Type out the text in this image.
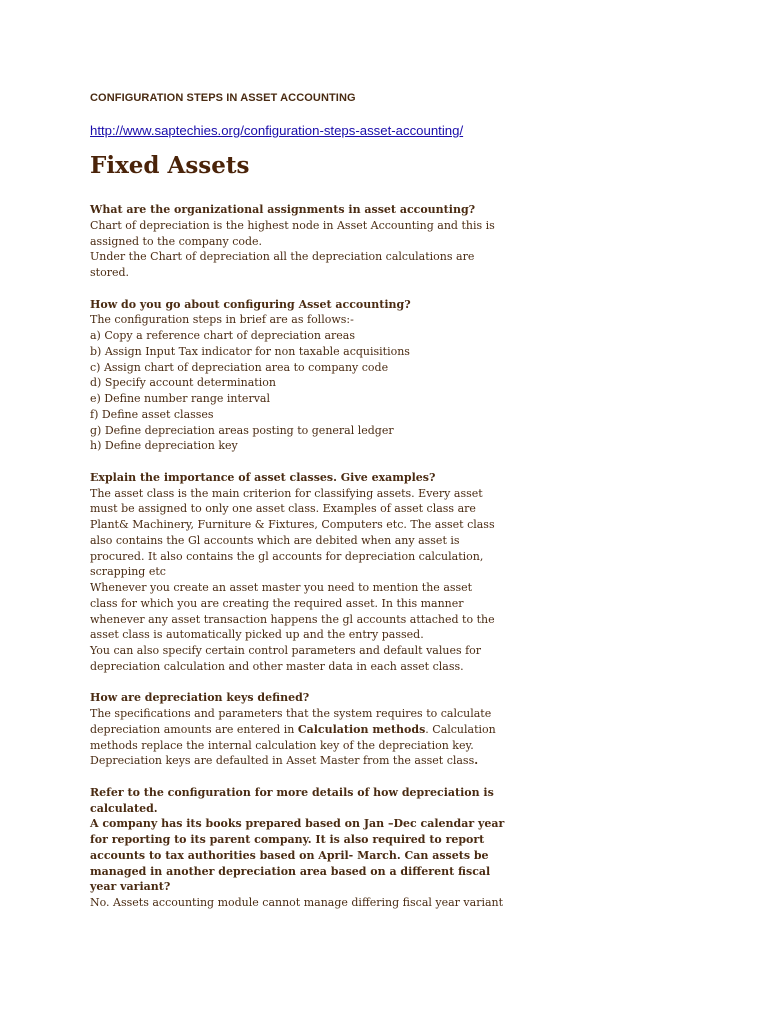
CONFIGURATION STEPS IN ASSET ACCOUNTING
http://www.saptechies.org/configuration-steps-asset-accounting/
Fixed Assets
What are the organizational assignments in asset accounting?
Chart of depreciation is the highest node in Asset Accounting and this is
assigned to the company code.
Under the Chart of depreciation all the depreciation calculations are
stored.
How do you go about configuring Asset accounting?
The configuration steps in brief are as follows:-
a) Copy a reference chart of depreciation areas
b) Assign Input Tax indicator for non taxable acquisitions
c) Assign chart of depreciation area to company code
d) Specify account determination
e) Define number range interval
f) Define asset classes
g) Define depreciation areas posting to general ledger
h) Define depreciation key
Explain the importance of asset classes. Give examples?
The asset class is the main criterion for classifying assets. Every asset
must be assigned to only one asset class. Examples of asset class are
Plant& Machinery, Furniture & Fixtures, Computers etc. The asset class
also contains the Gl accounts which are debited when any asset is
procured. It also contains the gl accounts for depreciation calculation,
scrapping etc
Whenever you create an asset master you need to mention the asset
class for which you are creating the required asset. In this manner
whenever any asset transaction happens the gl accounts attached to the
asset class is automatically picked up and the entry passed.
You can also specify certain control parameters and default values for
depreciation calculation and other master data in each asset class.
How are depreciation keys defined?
The specifications and parameters that the system requires to calculate
depreciation amounts are entered in Calculation methods. Calculation
methods replace the internal calculation key of the depreciation key.
Depreciation keys are defaulted in Asset Master from the asset class.
Refer to the configuration for more details of how depreciation is
calculated.
A company has its books prepared based on Jan –Dec calendar year
for reporting to its parent company. It is also required to report
accounts to tax authorities based on April- March. Can assets be
managed in another depreciation area based on a different fiscal
year variant?
No. Assets accounting module cannot manage differing fiscal year variant
